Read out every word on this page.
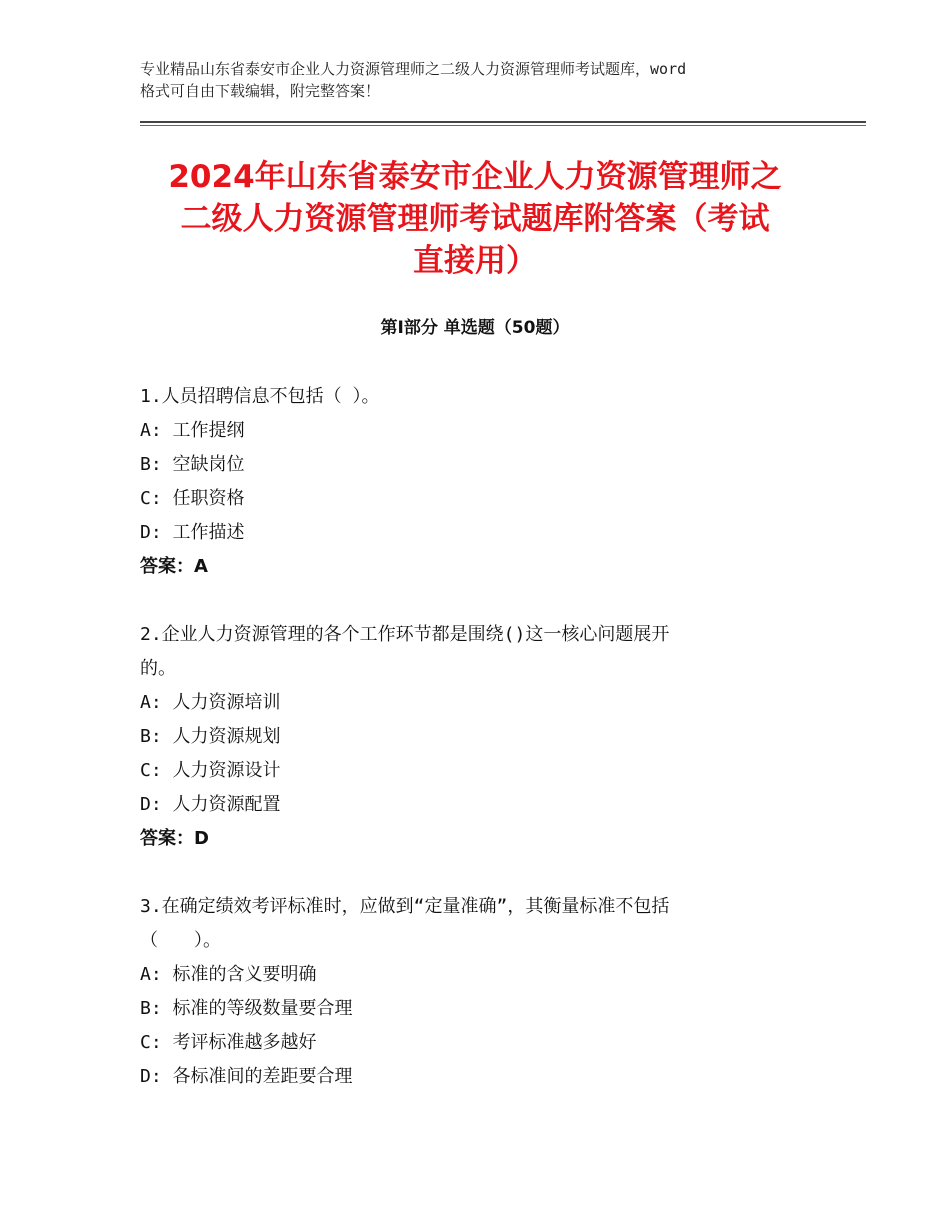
专业精品山东省泰安市企业人力资源管理师之二级人力资源管理师考试题库，word
格式可自由下载编辑，附完整答案！
2024年山东省泰安市企业人力资源管理师之
二级人力资源管理师考试题库附答案（考试
直接用）
第Ⅰ部分 单选题（50题）
1.人员招聘信息不包括（ ）。
A: 工作提纲
B: 空缺岗位
C: 任职资格
D: 工作描述
答案：A
2.企业人力资源管理的各个工作环节都是围绕()这一核心问题展开
的。
A: 人力资源培训
B: 人力资源规划
C: 人力资源设计
D: 人力资源配置
答案：D
3.在确定绩效考评标准时，应做到“定量准确”，其衡量标准不包括
（　　）。
A: 标准的含义要明确
B: 标准的等级数量要合理
C: 考评标准越多越好
D: 各标准间的差距要合理
